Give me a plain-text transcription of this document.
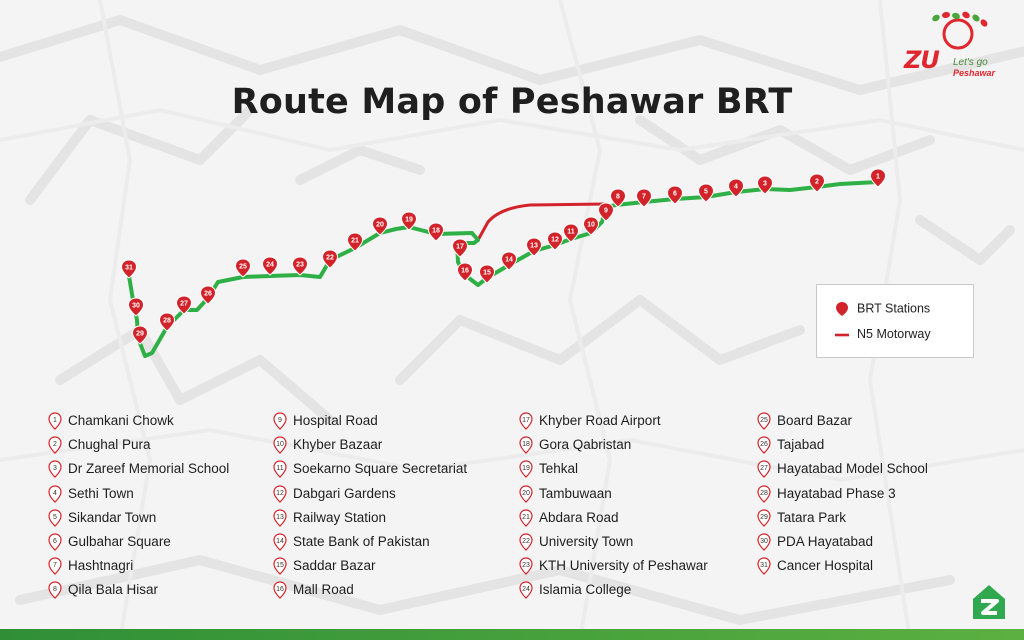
ZU Let's go
Peshawar
Route Map of Peshawar BRT
1
2
3
4
5
6
7
8
9
10
11
12
13
14
15
16
17
18
19
20
21
22
23
24
25
26
27
28
29
30
31
BRT Stations
N5 Motorway
1 Chamkani Chowk
2 Chughal Pura
3 Dr Zareef Memorial School
4 Sethi Town
5 Sikandar Town
6 Gulbahar Square
7 Hashtnagri
8 Qila Bala Hisar
9 Hospital Road
10 Khyber Bazaar
11 Soekarno Square Secretariat
12 Dabgari Gardens
13 Railway Station
14 State Bank of Pakistan
15 Saddar Bazar
16 Mall Road
17 Khyber Road Airport
18 Gora Qabristan
19 Tehkal
20 Tambuwaan
21 Abdara Road
22 University Town
23 KTH University of Peshawar
24 Islamia College
25 Board Bazar
26 Tajabad
27 Hayatabad Model School
28 Hayatabad Phase 3
29 Tatara Park
30 PDA Hayatabad
31 Cancer Hospital
